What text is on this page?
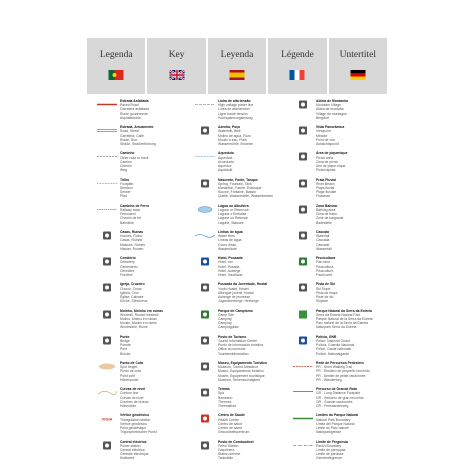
Legenda	Key	Leyenda	Légende	Untertitel
Estrada Asfaltada
Paved Road
Carretera asfaltada
Route goudronnée
Asphaltstraße
Estrada, Arruamento
Road, Street
Carretera, Calle
Route, Rue
Straße, Straßenführung
Caminho
Other road or track
Camino
Chemin
Weg
Trilho
Footpath
Sendero
Sentier
Pfad
Caminho de Ferro
Railway track
Ferrocarril
Chemin de fer
Bahnlinie
Casas, Ruínas
Houses, Ruins
Casas, Ruinas
Maisons, Ruines
Häuser, Ruinen
Cemitério
Cemetery
Cementerio
Cimetière
Friedhof
Igreja, Cruzeiro
Church, Cross
Iglesia, Cruz
Église, Calvaire
Kirche, Steinkreuz
Moinho, Moinho em ruínas
Windmill, Ruined windmill
Molino, Molino en ruinas
Moulin, Moulin en ruines
Windmühle, Ruine
Ponte
Bridge
Puente
Pont
Brücke
Ponto de Cota
Spot height
Punto de cota
Point coté
Höhenpunkt
Curvas de nível
Contour line
Curvas de nivel
Courbes de niveau
Höhenlinie
VIGIA
Vértice geodésico
Triangulation station
Vértice geodésico
Point géodésique
Trigonometrischer Punkt
Central eléctrica
Power station
Central eléctrica
Centrale électrique
Kraftwerk
Linha de alta tensão
High voltage power line
Línea de alta tensión
Ligne haute tension
Hochspannungsleitung
Azenha, Poço
Watermill, Well
Molino de agua, Pozo
Moulin à eau, Puits
Wassermühle, Brunnen
Aqueduto
Aqueduct
Acueducto
Aqueduc
Aquädukt
Nascente, Fonte, Tanque
Spring, Fountain, Tank
Manantial, Fuente, Estanque
Source, Fontaine, Bassin
Quelle, Wasserstelle, Wasserbecken
Lagoa ou Albufeira
Lagoon or Reservoir
Laguna o Embalse
Lagune ou Retenue
Lagune, Stausee
Linhas de água
Water lines
Líneas de agua
Cours d'eau
Wasserläufe
Hotel, Pousada
Hotel, Inn
Hotel, Posada
Hôtel, Auberge
Hotel, Gasthaus
Pousada da Juventude, Hostal
Youth Hostel, Hostel
Albergue juvenil, Hostal
Auberge de jeunesse
Jugendherberge, Herberge
Parque de Campismo
Camp Site
Camping
Camping
Campingplatz
Posto de Turismo
Tourist Information Centre
Punto de información turística
Office du tourisme
Touristeninformation
Museu, Equipamento Turístico
Museum, Tourist Attraction
Museo, Equipamiento turístico
Musée, Équipement touristique
Museum, Sehenswürdigkeit
Termas
Spa
Balneario
Thermes
Thermalbad
Centro de Saúde
Health Centre
Centro de salud
Centre de santé
Gesundheitszentrum
Posto de Combustível
Petrol Station
Gasolinera
Station-service
Tankstelle
Aldeia de Montanha
Mountain Village
Aldea de montaña
Village de montagne
Bergdorf
Vista Panorâmica
Viewpoint
Mirador
Point de vue
Aussichtspunkt
Área de piquenique
Picnic area
Zona de picnic
Aire de pique-nique
Picknickplatz
Praia Fluvial
River Beach
Playa fluvial
Plage fluviale
Flussbad
Zona Balnear
Bathing area
Zona de baño
Zone de baignade
Badestelle
Cascata
Waterfall
Cascada
Cascade
Wasserfall
Piscicultura
Fish farm
Piscicultura
Pisciculture
Fischzucht
Pista de Ski
Ski Slope
Pista de esquí
Piste de ski
Skipiste
Parque Natural da Serra da Estrela
Serra da Estrela Natural Park
Parque Natural de la Serra da Estrela
Parc naturel de la Serra da Estrela
Naturpark Serra da Estrela
Polícia, GNR
Police, National Guard
Policía, Guardia Nacional
Police, Garde nationale
Polizei, Nationalgarde
Rede de Percursos Pedestres
PR - Short Walking Trail
PR - Sendero de pequeño recorrido
PR - Sentier de petite randonnée
PR - Wanderweg
Percurso de Grande Rota
GR - Long Distance Footpath
GR - Sendero de gran recorrido
GR - Grande randonnée
GR - Fernwanderweg
Limites do Parque Natural
Natural Park Boundary
Límite del Parque Natural
Limite du Parc naturel
Naturparkgrenze
Limite de Freguesia
Parish Boundary
Límite de parroquia
Limite de paroisse
Gemeindegrenze
